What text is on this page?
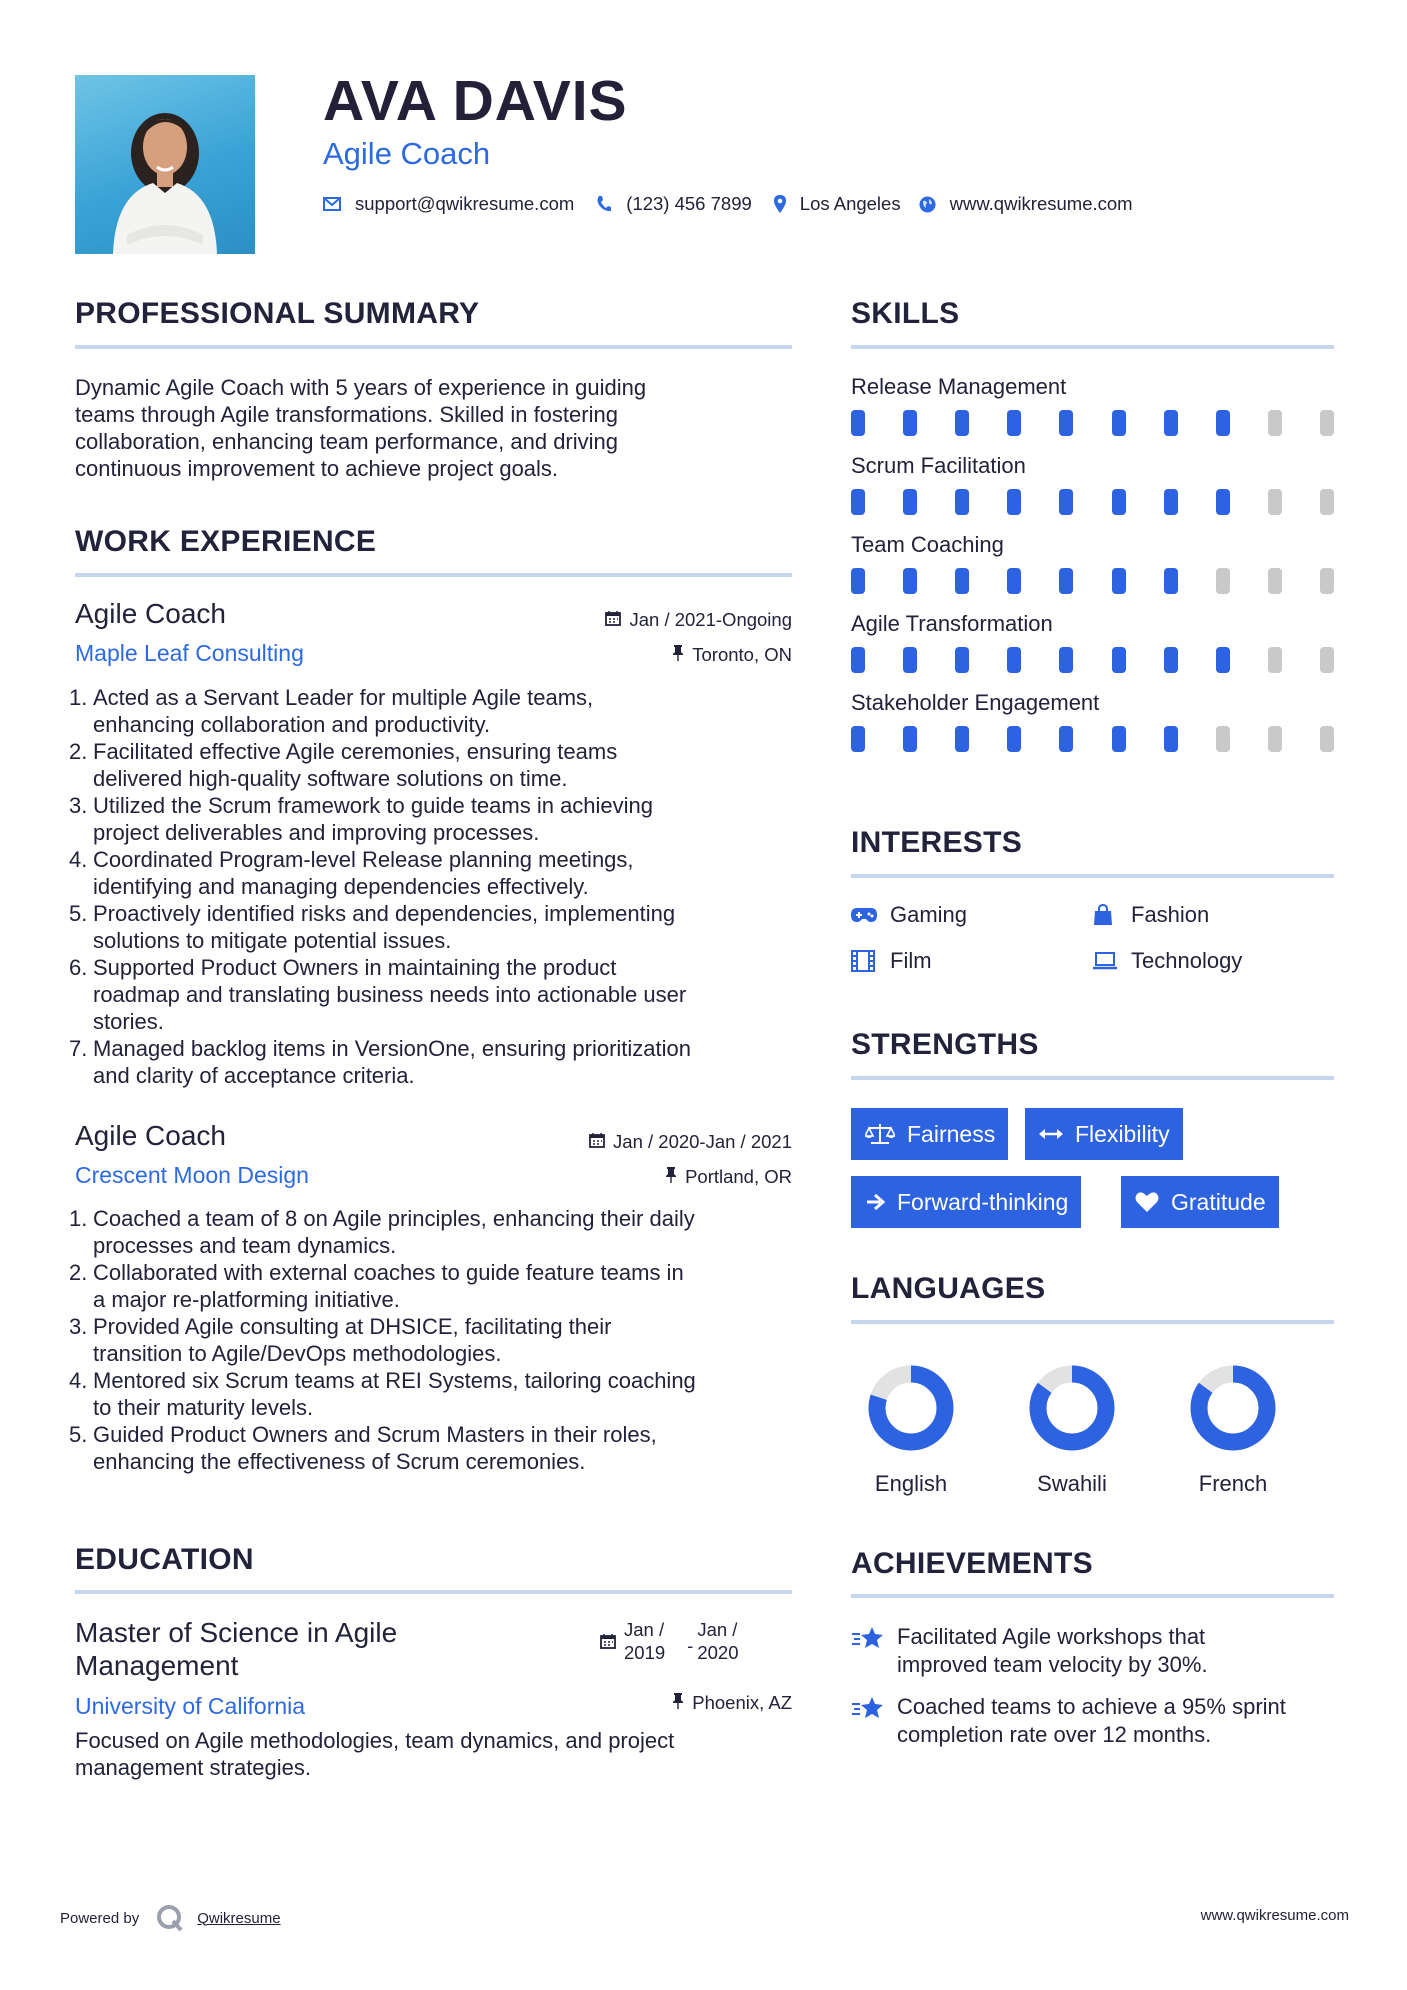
AVA DAVIS
Agile Coach
support@qwikresume.com	(123) 456 7899	Los Angeles	www.qwikresume.com
PROFESSIONAL SUMMARY
Dynamic Agile Coach with 5 years of experience in guiding
teams through Agile transformations. Skilled in fostering
collaboration, enhancing team performance, and driving
continuous improvement to achieve project goals.
WORK EXPERIENCE
Agile Coach
Maple Leaf Consulting
Jan / 2021-Ongoing
Toronto, ON
Acted as a Servant Leader for multiple Agile teams,
enhancing collaboration and productivity.
Facilitated effective Agile ceremonies, ensuring teams
delivered high-quality software solutions on time.
Utilized the Scrum framework to guide teams in achieving
project deliverables and improving processes.
Coordinated Program-level Release planning meetings,
identifying and managing dependencies effectively.
Proactively identified risks and dependencies, implementing
solutions to mitigate potential issues.
Supported Product Owners in maintaining the product
roadmap and translating business needs into actionable user
stories.
Managed backlog items in VersionOne, ensuring prioritization
and clarity of acceptance criteria.
Agile Coach
Crescent Moon Design
Jan / 2020-Jan / 2021
Portland, OR
Coached a team of 8 on Agile principles, enhancing their daily
processes and team dynamics.
Collaborated with external coaches to guide feature teams in
a major re-platforming initiative.
Provided Agile consulting at DHSICE, facilitating their
transition to Agile/DevOps methodologies.
Mentored six Scrum teams at REI Systems, tailoring coaching
to their maturity levels.
Guided Product Owners and Scrum Masters in their roles,
enhancing the effectiveness of Scrum ceremonies.
EDUCATION
Master of Science in Agile
Management
University of California
Jan /
2019 -
Jan /
2020
Phoenix, AZ
Focused on Agile methodologies, team dynamics, and project
management strategies.
SKILLS
Release Management
Scrum Facilitation
Team Coaching
Agile Transformation
Stakeholder Engagement
INTERESTS
Gaming	Fashion
Film	Technology
STRENGTHS
Fairness	Flexibility
Forward-thinking	Gratitude
LANGUAGES
English	Swahili	French
ACHIEVEMENTS
Facilitated Agile workshops that
improved team velocity by 30%.
Coached teams to achieve a 95% sprint
completion rate over 12 months.
Powered by	Qwikresume	www.qwikresume.com
